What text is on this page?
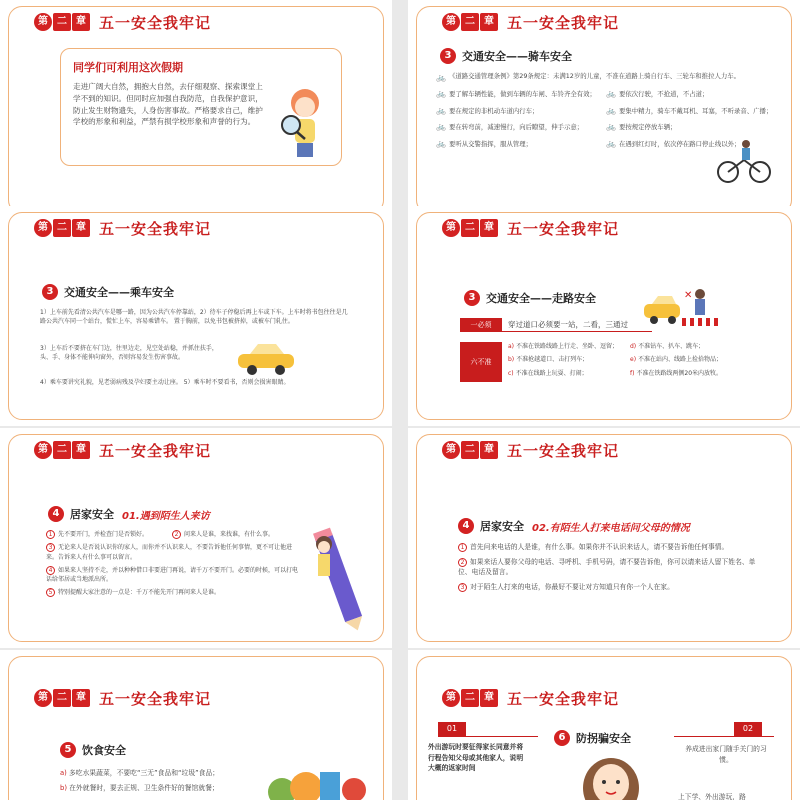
第 二 章 五一安全我牢记
同学们可利用这次假期
走进广阔大自然，拥抱大自然，去仔细观察、探索课堂上学不到的知识。但同时应加强自我防范，自我保护意识，防止发生财物遗失，人身伤害事故。严格要求自己，维护学校的形象和利益，严禁有损学校形象和声誉的行为。
第 二 章 五一安全我牢记
3 交通安全——骑车安全
🚲 《道路交通管理条例》第29条规定：未满12岁的儿童，不准在道路上骑自行车、三轮车和推拉人力车。
🚲 要了解车辆性能，做到车辆的车闸、车铃齐全有效；	🚲 要依次行驶，不抢道，不占道；
🚲 要在规定的非机动车道内行车；	🚲 要集中精力，骑车不戴耳机、耳塞，不听录音、广播；
🚲 要在转弯前，减速慢行，向后瞭望，伸手示意；	🚲 要按规定停放车辆；
🚲 要听从交警指挥，服从管理；	🚲 在遇到红灯时，依次停在路口停止线以外；
第 二 章 五一安全我牢记
3 交通安全——乘车安全
1）上车前先看清公共汽车是哪一路，因为公共汽车停靠站，2）待车子停稳后再上车或下车。上车时将书包往往是几路公共汽车同一个站台，慌忙上车，容易乘错车。 置于胸前，以免书包被挤掉，或被车门轧住。
3）上车后不要挤在车门边，往里边走，见空处站稳，并抓住扶手，头、手、身体不能伸向窗外，否则容易发生伤害事故。
4）乘车要讲究礼貌，见老弱病残及孕妇要主动让座。 5）乘车时不要看书，否则会损害眼睛。
第 二 章 五一安全我牢记
3 交通安全——走路安全
一必须	穿过道口必须要一站，二看，三通过
六不准
a) 不准在铁路线路上行走、坐卧、逗留；	d) 不准钻车、扒车、跳车；
b) 不准抢越道口、击打列车；	e) 不准在站内、线路上捡拾物品；
c) 不准在线路上玩耍、打闹；	f) 不准在铁路线两侧20米内放牧。
✕
第 二 章 五一安全我牢记
4 居家安全 01.遇到陌生人来访
1 先不要开门，并检查门是否锁好。	2 问来人是谁，来找谁，有什么事。
3 无论来人是否说认识你的家人，而你并不认识来人，不要告诉他任何事情，更不可让他进来。告诉来人有什么事可以留言。
4 如果来人坚持不走，并以种种借口非要进门再说，请千万不要开门。必要的时候，可以打电话给邻居或当地派出所。
5 特别提醒大家注意的一点是：千万不能先开门再问来人是谁。
第 二 章 五一安全我牢记
4 居家安全 02.有陌生人打来电话问父母的情况
1 首先问来电话的人是谁，有什么事。如果你并不认识来话人，请不要告诉他任何事情。
2 如果来话人要你父母的电话、寻呼机、手机号码，请不要告诉他，你可以请来话人留下姓名、单位、电话及留言。
3 对于陌生人打来的电话，你最好不要让对方知道只有你一个人在家。
第 二 章 五一安全我牢记
5 饮食安全
a) 多吃水果蔬菜，不要吃“三无”食品和“垃圾”食品；
b) 在外就餐时，要去正规、卫生条件好的餐馆就餐；
第 二 章 五一安全我牢记
01
外出游玩时要征得家长同意并将行程告知父母或其他家人，说明大概的返家时间
6 防拐骗安全
02
养成进出家门随手关门的习惯。
上下学、外出游玩，路
